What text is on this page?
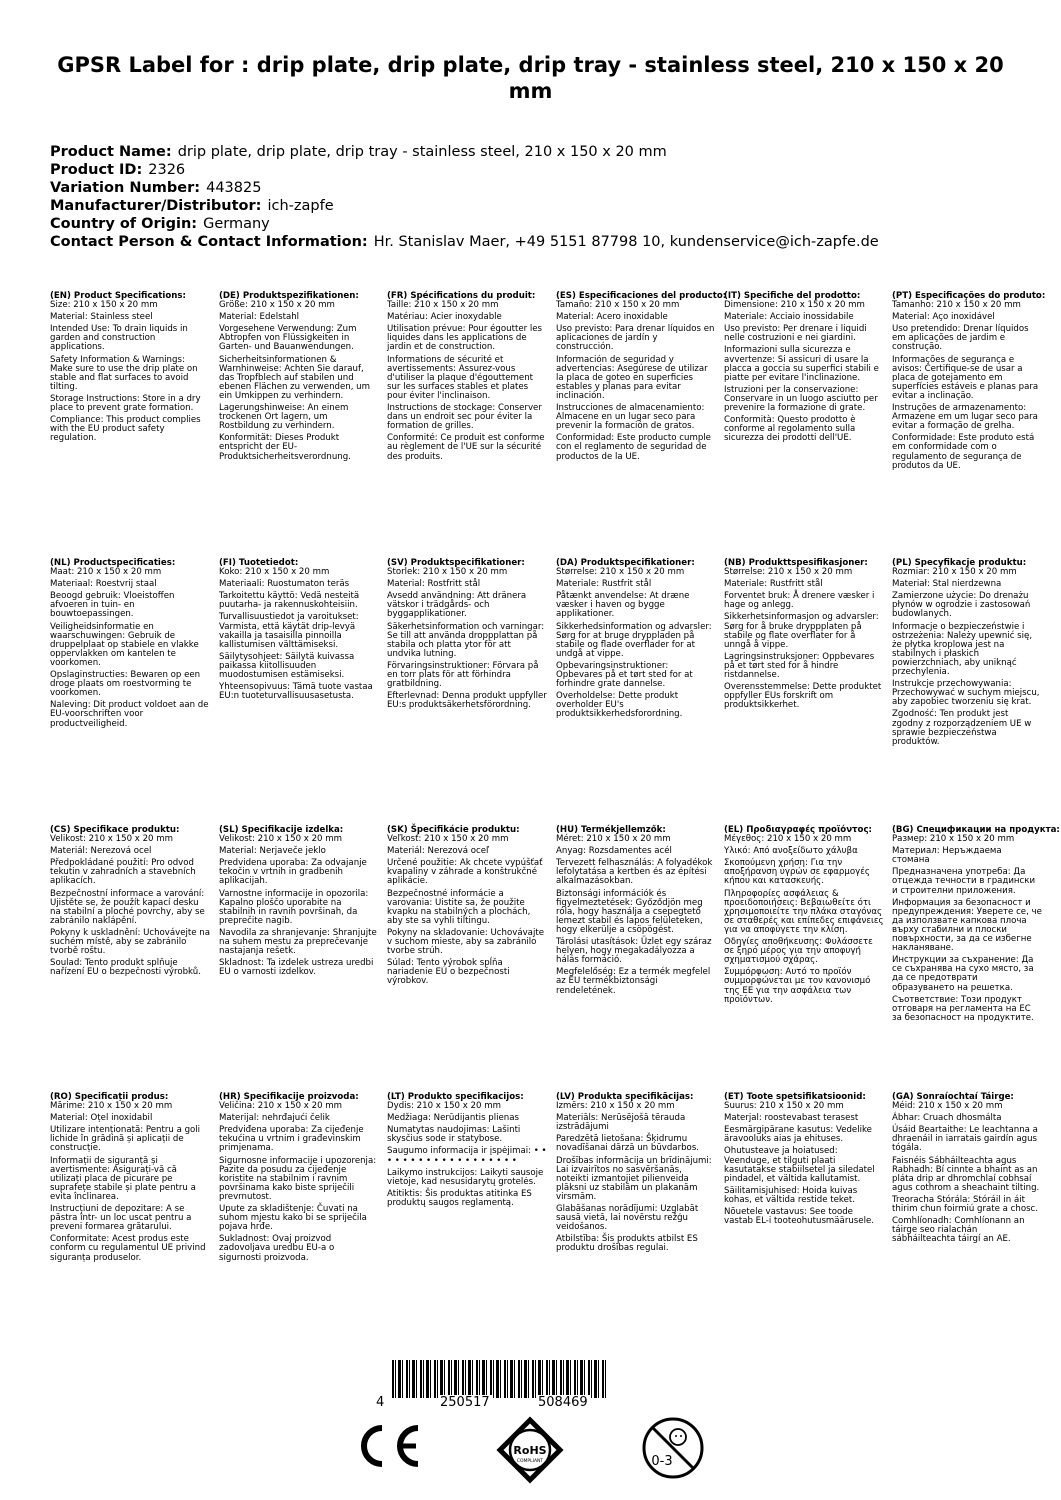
GPSR Label for : drip plate, drip plate, drip tray - stainless steel, 210 x 150 x 20 mm
Product Name: drip plate, drip plate, drip tray - stainless steel, 210 x 150 x 20 mm
Product ID: 2326
Variation Number: 443825
Manufacturer/Distributor: ich-zapfe
Country of Origin: Germany
Contact Person & Contact Information: Hr. Stanislav Maer, +49 5151 87798 10, kundenservice@ich-zapfe.de
(EN) Product Specifications:
Size: 210 x 150 x 20 mm
Material: Stainless steel
Intended Use: To drain liquids in garden and construction applications.
Safety Information & Warnings: Make sure to use the drip plate on stable and flat surfaces to avoid tilting.
Storage Instructions: Store in a dry place to prevent grate formation.
Compliance: This product complies with the EU product safety regulation.
(DE) Produktspezifikationen:
Größe: 210 x 150 x 20 mm
Material: Edelstahl
Vorgesehene Verwendung: Zum Abtropfen von Flüssigkeiten in Garten- und Bauanwendungen.
Sicherheitsinformationen & Warnhinweise: Achten Sie darauf, das Tropfblech auf stabilen und ebenen Flächen zu verwenden, um ein Umkippen zu verhindern.
Lagerungshinweise: An einem trockenen Ort lagern, um Rostbildung zu verhindern.
Konformität: Dieses Produkt entspricht der EU-Produktsicherheitsverordnung.
(FR) Spécifications du produit:
Taille: 210 x 150 x 20 mm
Matériau: Acier inoxydable
Utilisation prévue: Pour égoutter les liquides dans les applications de jardin et de construction.
Informations de sécurité et avertissements: Assurez-vous d'utiliser la plaque d'égouttement sur les surfaces stables et plates pour éviter l'inclinaison.
Instructions de stockage: Conserver dans un endroit sec pour éviter la formation de grilles.
Conformité: Ce produit est conforme au règlement de l'UE sur la sécurité des produits.
(ES) Especificaciones del producto:
Tamaño: 210 x 150 x 20 mm
Material: Acero inoxidable
Uso previsto: Para drenar líquidos en aplicaciones de jardín y construcción.
Información de seguridad y advertencias: Asegúrese de utilizar la placa de goteo en superficies estables y planas para evitar inclinación.
Instrucciones de almacenamiento: Almacene en un lugar seco para prevenir la formación de gratos.
Conformidad: Este producto cumple con el reglamento de seguridad de productos de la UE.
(IT) Specifiche del prodotto:
Dimensione: 210 x 150 x 20 mm
Materiale: Acciaio inossidabile
Uso previsto: Per drenare i liquidi nelle costruzioni e nei giardini.
Informazioni sulla sicurezza e avvertenze: Si assicuri di usare la placca a goccia su superfici stabili e piatte per evitare l'inclinazione.
Istruzioni per la conservazione: Conservare in un luogo asciutto per prevenire la formazione di grate.
Conformità: Questo prodotto è conforme al regolamento sulla sicurezza dei prodotti dell'UE.
(PT) Especificações do produto:
Tamanho: 210 x 150 x 20 mm
Material: Aço inoxidável
Uso pretendido: Drenar líquidos em aplicações de jardim e construção.
Informações de segurança e avisos: Certifique-se de usar a placa de gotejamento em superfícies estáveis e planas para evitar a inclinação.
Instruções de armazenamento: Armazene em um lugar seco para evitar a formação de grelha.
Conformidade: Este produto está em conformidade com o regulamento de segurança de produtos da UE.
(NL) Productspecificaties:
Maat: 210 x 150 x 20 mm
Materiaal: Roestvrij staal
Beoogd gebruik: Vloeistoffen afvoeren in tuin- en bouwtoepassingen.
Veiligheidsinformatie en waarschuwingen: Gebruik de druppelplaat op stabiele en vlakke oppervlakken om kantelen te voorkomen.
Opslaginstructies: Bewaren op een droge plaats om roestvorming te voorkomen.
Naleving: Dit product voldoet aan de EU-voorschriften voor productveiligheid.
(FI) Tuotetiedot:
Koko: 210 x 150 x 20 mm
Materiaali: Ruostumaton teräs
Tarkoitettu käyttö: Vedä nesteitä puutarha- ja rakennuskohteisiin.
Turvallisuustiedot ja varoitukset: Varmista, että käytät drip-levyä vakailla ja tasaisilla pinnoilla kallistumisen välttämiseksi.
Säilytysohjeet: Säilytä kuivassa paikassa kiitollisuuden muodostumisen estämiseksi.
Yhteensopivuus: Tämä tuote vastaa EU:n tuoteturvallisuusasetusta.
(SV) Produktspecifikationer:
Storlek: 210 x 150 x 20 mm
Material: Rostfritt stål
Avsedd användning: Att dränera vätskor i trädgårds- och byggapplikationer.
Säkerhetsinformation och varningar: Se till att använda droppplattan på stabila och platta ytor för att undvika lutning.
Förvaringsinstruktioner: Förvara på en torr plats för att förhindra gratbildning.
Efterlevnad: Denna produkt uppfyller EU:s produktsäkerhetsförordning.
(DA) Produktspecifikationer:
Størrelse: 210 x 150 x 20 mm
Materiale: Rustfrit stål
Påtænkt anvendelse: At dræne væsker i haven og bygge applikationer.
Sikkerhedsinformation og advarsler: Sørg for at bruge dryppladen på stabile og flade overflader for at undgå at vippe.
Opbevaringsinstruktioner: Opbevares på et tørt sted for at forhindre grate dannelse.
Overholdelse: Dette produkt overholder EU's produktsikkerhedsforordning.
(NB) Produkttspesifikasjoner:
Størrelse: 210 x 150 x 20 mm
Materiale: Rustfritt stål
Forventet bruk: Å drenere væsker i hage og anlegg.
Sikkerhetsinformasjon og advarsler: Sørg for å bruke dryppplaten på stabile og flate overflater for å unngå å vippe.
Lagringsinstruksjoner: Oppbevares på et tørt sted for å hindre ristdannelse.
Overensstemmelse: Dette produktet oppfyller EUs forskrift om produktsikkerhet.
(PL) Specyfikacje produktu:
Rozmiar: 210 x 150 x 20 mm
Materiał: Stal nierdzewna
Zamierzone użycie: Do drenażu płynów w ogrodzie i zastosowań budowlanych.
Informacje o bezpieczeństwie i ostrzeżenia: Należy upewnić się, że płytka kroplowa jest na stabilnych i płaskich powierzchniach, aby uniknąć przechylenia.
Instrukcje przechowywania: Przechowywać w suchym miejscu, aby zapobiec tworzeniu się krat.
Zgodność: Ten produkt jest zgodny z rozporządzeniem UE w sprawie bezpieczeństwa produktów.
(CS) Specifikace produktu:
Velikost: 210 x 150 x 20 mm
Materiál: Nerezová ocel
Předpokládané použití: Pro odvod tekutin v zahradních a stavebních aplikacích.
Bezpečnostní informace a varování: Ujistěte se, že použít kapací desku na stabilní a ploché povrchy, aby se zabránilo naklápění.
Pokyny k uskladnění: Uchovávejte na suchém místě, aby se zabránilo tvorbě roštu.
Soulad: Tento produkt splňuje nařízení EU o bezpečnosti výrobků.
(SL) Specifikacije izdelka:
Velikost: 210 x 150 x 20 mm
Material: Nerjaveče jeklo
Predvidena uporaba: Za odvajanje tekočin v vrtnih in gradbenih aplikacijah.
Varnostne informacije in opozorila: Kapalno ploščo uporabite na stabilnih in ravnih površinah, da preprečite nagib.
Navodila za shranjevanje: Shranjujte na suhem mestu za preprečevanje nastajanja rešetk.
Skladnost: Ta izdelek ustreza uredbi EU o varnosti izdelkov.
(SK) Špecifikácie produktu:
Veľkosť: 210 x 150 x 20 mm
Materiál: Nerezová oceľ
Určené použitie: Ak chcete vypúšťať kvapaliny v záhrade a konštrukčné aplikácie.
Bezpečnostné informácie a varovania: Uistite sa, že použite kvapku na stabilných a plochách, aby ste sa vyhli tiltingu.
Pokyny na skladovanie: Uchovávajte v suchom mieste, aby sa zabránilo tvorbe strúh.
Súlad: Tento výrobok spĺňa nariadenie EÚ o bezpečnosti výrobkov.
(HU) Termékjellemzők:
Méret: 210 x 150 x 20 mm
Anyag: Rozsdamentes acél
Tervezett felhasználás: A folyadékok lefolytatása a kertben és az építési alkalmazásokban.
Biztonsági információk és figyelmeztetések: Győződjön meg róla, hogy használja a csepegtető lemezt stabil és lapos felületeken, hogy elkerülje a csöpögést.
Tárolási utasítások: Üzlet egy száraz helyen, hogy megakadályozza a hálás formáció.
Megfelelőség: Ez a termék megfelel az EU termékbiztonsági rendeletének.
(EL) Προδιαγραφές προϊόντος:
Μέγεθος: 210 x 150 x 20 mm
Υλικό: Από ανοξείδωτο χάλυβα
Σκοπούμενη χρήση: Για την αποξήρανση υγρών σε εφαρμογές κήπου και κατασκευής.
Πληροφορίες ασφάλειας & προειδοποιήσεις: Βεβαιωθείτε ότι χρησιμοποιείτε την πλάκα σταγόνας σε σταθερές και επίπεδες επιφάνειες για να αποφύγετε την κλίση.
Οδηγίες αποθήκευσης: Φυλάσσετε σε ξηρό μέρος για την αποφυγή σχηματισμού σχάρας.
Συμμόρφωση: Αυτό το προϊόν συμμορφώνεται με τον κανονισμό της ΕΕ για την ασφάλεια των προϊόντων.
(BG) Спецификации на продукта:
Размер: 210 x 150 x 20 mm
Материал: Неръждаема стомана
Предназначена употреба: Да отцежда течности в градински и строителни приложения.
Информация за безопасност и предупреждения: Уверете се, че да използвате капкова плоча върху стабилни и плоски повърхности, за да се избегне накланяване.
Инструкции за съхранение: Да се съхранява на сухо място, за да се предотврати образуването на решетка.
Съответствие: Този продукт отговаря на регламента на ЕС за безопасност на продуктите.
(RO) Specificații produs:
Mărime: 210 x 150 x 20 mm
Material: Oțel inoxidabil
Utilizare intenționată: Pentru a goli lichide în grădină și aplicații de construcție.
Informații de siguranță și avertismente: Asigurați-vă că utilizați placa de picurare pe suprafețe stabile și plate pentru a evita înclinarea.
Instrucțiuni de depozitare: A se păstra într- un loc uscat pentru a preveni formarea grătarului.
Conformitate: Acest produs este conform cu regulamentul UE privind siguranța produselor.
(HR) Specifikacije proizvoda:
Veličina: 210 x 150 x 20 mm
Materijal: nehrđajući čelik
Predviđena uporaba: Za cijeđenje tekućina u vrtnim i građevinskim primjenama.
Sigurnosne informacije i upozorenja: Pazite da posudu za cijeđenje koristite na stabilnim i ravnim površinama kako biste spriječili prevrnutost.
Upute za skladištenje: Čuvati na suhom mjestu kako bi se spriječila pojava hrđe.
Sukladnost: Ovaj proizvod zadovoljava uredbu EU-a o sigurnosti proizvoda.
(LT) Produkto specifikacijos:
Dydis: 210 x 150 x 20 mm
Medžiaga: Nerūdijantis plienas
Numatytas naudojimas: Lašinti skysčius sode ir statybose.
Saugumo informacija ir įspėjimai: • • • • • • • • • • • • • • • • • • •
Laikymo instrukcijos: Laikyti sausoje vietoje, kad nesusidarytų grotelės.
Atitiktis: Šis produktas atitinka ES produktų saugos reglamentą.
(LV) Produkta specifikācijas:
Izmērs: 210 x 150 x 20 mm
Materiāls: Nerūsējošā tērauda izstrādājumi
Paredzētā lietošana: Šķidrumu novadīšanai dārzā un būvdarbos.
Drošības informācija un brīdinājumi: Lai izvairītos no sasvēršanās, noteikti izmantojiet pilienveida plāksni uz stabilām un plakanām virsmām.
Glabāšanas norādījumi: Uzglabāt sausā vietā, lai novērstu režģu veidošanos.
Atbilstība: Šis produkts atbilst ES produktu drošības regulai.
(ET) Toote spetsifikatsioonid:
Suurus: 210 x 150 x 20 mm
Materjal: roostevabast terasest
Eesmärgipärane kasutus: Vedelike äravooluks aias ja ehituses.
Ohutusteave ja hoiatused: Veenduge, et tilguti plaati kasutatakse stabiilsetel ja siledatel pindadel, et vältida kallutamist.
Säilitamisjuhised: Hoida kuivas kohas, et vältida restide teket.
Nõuetele vastavus: See toode vastab EL-i tooteohutusmäärusele.
(GA) Sonraíochtaí Táirge:
Méid: 210 x 150 x 20 mm
Ábhar: Cruach dhosmálta
Úsáid Beartaithe: Le leachtanna a dhraenáil in iarratais gairdín agus tógála.
Faisnéis Sábháilteachta agus Rabhadh: Bí cinnte a bhaint as an pláta drip ar dhromchlaí cobhsaí agus cothrom a sheachaint tilting.
Treoracha Stórála: Stóráil in áit thirim chun foirmiú grate a chosc.
Comhlíonadh: Comhlíonann an táirge seo rialachán sábháilteachta táirgí an AE.
4	250517	508469
RoHS
COMPLIANT	0-3
